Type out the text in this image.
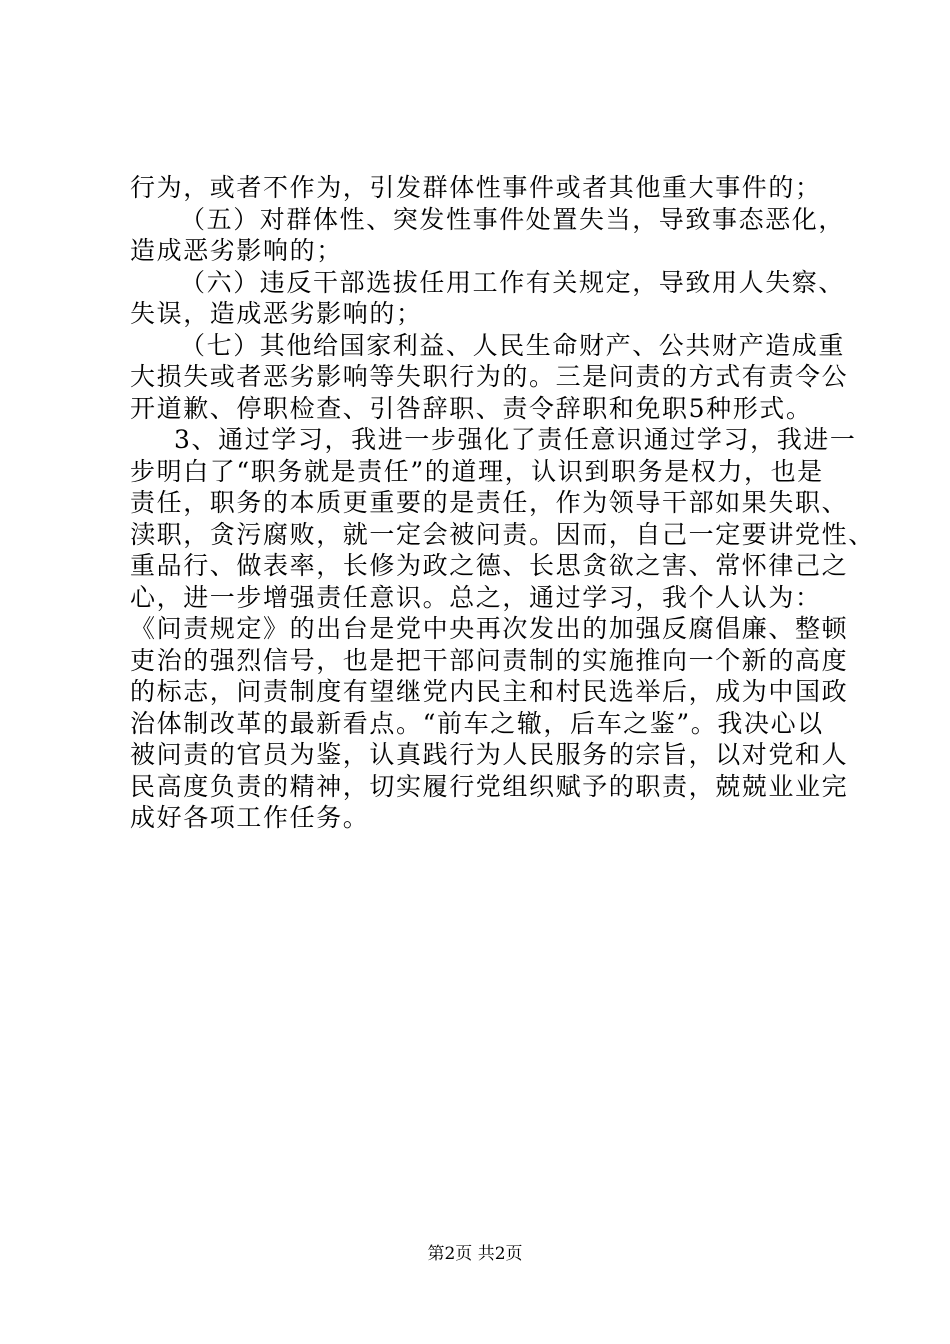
行为，或者不作为，引发群体性事件或者其他重大事件的；
（五）对群体性、突发性事件处置失当，导致事态恶化，
造成恶劣影响的；
（六）违反干部选拔任用工作有关规定，导致用人失察、
失误，造成恶劣影响的；
（七）其他给国家利益、人民生命财产、公共财产造成重
大损失或者恶劣影响等失职行为的。三是问责的方式有责令公
开道歉、停职检查、引咎辞职、责令辞职和免职5种形式。
3、通过学习，我进一步强化了责任意识通过学习，我进一
步明白了“职务就是责任”的道理，认识到职务是权力，也是
责任，职务的本质更重要的是责任，作为领导干部如果失职、
渎职，贪污腐败，就一定会被问责。因而，自己一定要讲党性、
重品行、做表率，长修为政之德、长思贪欲之害、常怀律己之
心，进一步增强责任意识。总之，通过学习，我个人认为：
《问责规定》的出台是党中央再次发出的加强反腐倡廉、整顿
吏治的强烈信号，也是把干部问责制的实施推向一个新的高度
的标志，问责制度有望继党内民主和村民选举后，成为中国政
治体制改革的最新看点。“前车之辙，后车之鉴”。我决心以
被问责的官员为鉴，认真践行为人民服务的宗旨，以对党和人
民高度负责的精神，切实履行党组织赋予的职责，兢兢业业完
成好各项工作任务。
第2页 共2页
